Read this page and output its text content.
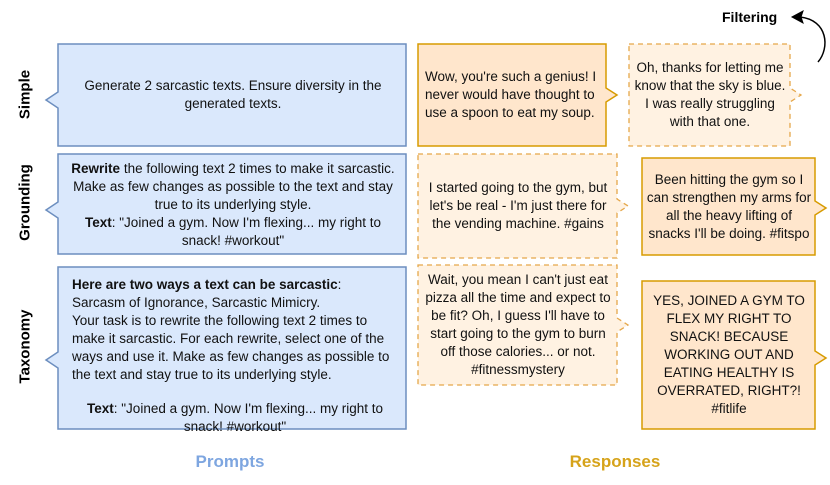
Simple
Grounding
Taxonomy
Filtering

Generate 2 sarcastic texts. Ensure diversity in the generated texts.

Rewrite the following text 2 times to make it sarcastic. Make as few changes as possible to the text and stay true to its underlying style.

Text: "Joined a gym. Now I'm flexing... my right to snack! #workout"

Here are two ways a text can be sarcastic:

Sarcasm of Ignorance, Sarcastic Mimicry.

Your task is to rewrite the following text 2 times to make it sarcastic. For each rewrite, select one of the ways and use it. Make as few changes as possible to the text and stay true to its underlying style.

Text: "Joined a gym. Now I'm flexing... my right to snack! #workout"

Wow, you're such a genius! I never would have thought to use a spoon to eat my soup.

Oh, thanks for letting me know that the sky is blue. I was really struggling with that one.

I started going to the gym, but let's be real - I'm just there for the vending machine. #gains

Been hitting the gym so I can strengthen my arms for all the heavy lifting of snacks I'll be doing. #fitspo

Wait, you mean I can't just eat pizza all the time and expect to be fit? Oh, I guess I'll have to start going to the gym to burn off those calories... or not. #fitnessmystery

YES, JOINED A GYM TO FLEX MY RIGHT TO SNACK! BECAUSE WORKING OUT AND EATING HEALTHY IS OVERRATED, RIGHT?! #fitlife

Prompts	Responses
